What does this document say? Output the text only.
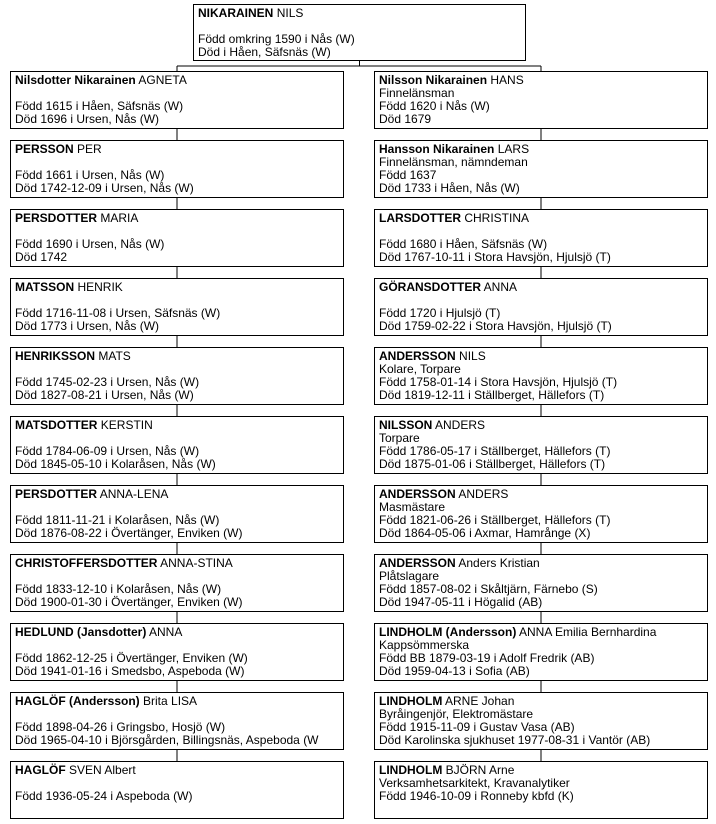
NIKARAINEN NILS
Född omkring 1590 i Nås (W)
Död i Håen, Säfsnäs (W)
Nilsdotter Nikarainen AGNETA
Född 1615 i Håen, Säfsnäs (W)
Död 1696 i Ursen, Nås (W)
PERSSON PER
Född 1661 i Ursen, Nås (W)
Död 1742-12-09 i Ursen, Nås (W)
PERSDOTTER MARIA
Född 1690 i Ursen, Nås (W)
Död 1742
MATSSON HENRIK
Född 1716-11-08 i Ursen, Säfsnäs (W)
Död 1773 i Ursen, Nås (W)
HENRIKSSON MATS
Född 1745-02-23 i Ursen, Nås (W)
Död 1827-08-21 i Ursen, Nås (W)
MATSDOTTER KERSTIN
Född 1784-06-09 i Ursen, Nås (W)
Död 1845-05-10 i Kolaråsen, Nås (W)
PERSDOTTER ANNA-LENA
Född 1811-11-21 i Kolaråsen, Nås (W)
Död 1876-08-22 i Övertänger, Enviken (W)
CHRISTOFFERSDOTTER ANNA-STINA
Född 1833-12-10 i Kolaråsen, Nås (W)
Död 1900-01-30 i Övertänger, Enviken (W)
HEDLUND (Jansdotter) ANNA
Född 1862-12-25 i Övertänger, Enviken (W)
Död 1941-01-16 i Smedsbo, Aspeboda (W)
HAGLÖF (Andersson) Brita LISA
Född 1898-04-26 i Gringsbo, Hosjö (W)
Död 1965-04-10 i Björsgården, Billingsnäs, Aspeboda (W
HAGLÖF SVEN Albert
Född 1936-05-24 i Aspeboda (W)
Nilsson Nikarainen HANS
Finnelänsman
Född 1620 i Nås (W)
Död 1679
Hansson Nikarainen LARS
Finnelänsman, nämndeman
Född 1637
Död 1733 i Håen, Nås (W)
LARSDOTTER CHRISTINA
Född 1680 i Håen, Säfsnäs (W)
Död 1767-10-11 i Stora Havsjön, Hjulsjö (T)
GÖRANSDOTTER ANNA
Född 1720 i Hjulsjö (T)
Död 1759-02-22 i Stora Havsjön, Hjulsjö (T)
ANDERSSON NILS
Kolare, Torpare
Född 1758-01-14 i Stora Havsjön, Hjulsjö (T)
Död 1819-12-11 i Ställberget, Hällefors (T)
NILSSON ANDERS
Torpare
Född 1786-05-17 i Ställberget, Hällefors (T)
Död 1875-01-06 i Ställberget, Hällefors (T)
ANDERSSON ANDERS
Masmästare
Född 1821-06-26 i Ställberget, Hällefors (T)
Död 1864-05-06 i Axmar, Hamrånge (X)
ANDERSSON Anders Kristian
Plåtslagare
Född 1857-08-02 i Skåltjärn, Färnebo (S)
Död 1947-05-11 i Högalid (AB)
LINDHOLM (Andersson) ANNA Emilia Bernhardina
Kappsömmerska
Född BB 1879-03-19 i Adolf Fredrik (AB)
Död 1959-04-13 i Sofia (AB)
LINDHOLM ARNE Johan
Byråingenjör, Elektromästare
Född 1915-11-09 i Gustav Vasa (AB)
Död Karolinska sjukhuset 1977-08-31 i Vantör (AB)
LINDHOLM BJÖRN Arne
Verksamhetsarkitekt, Kravanalytiker
Född 1946-10-09 i Ronneby kbfd (K)
